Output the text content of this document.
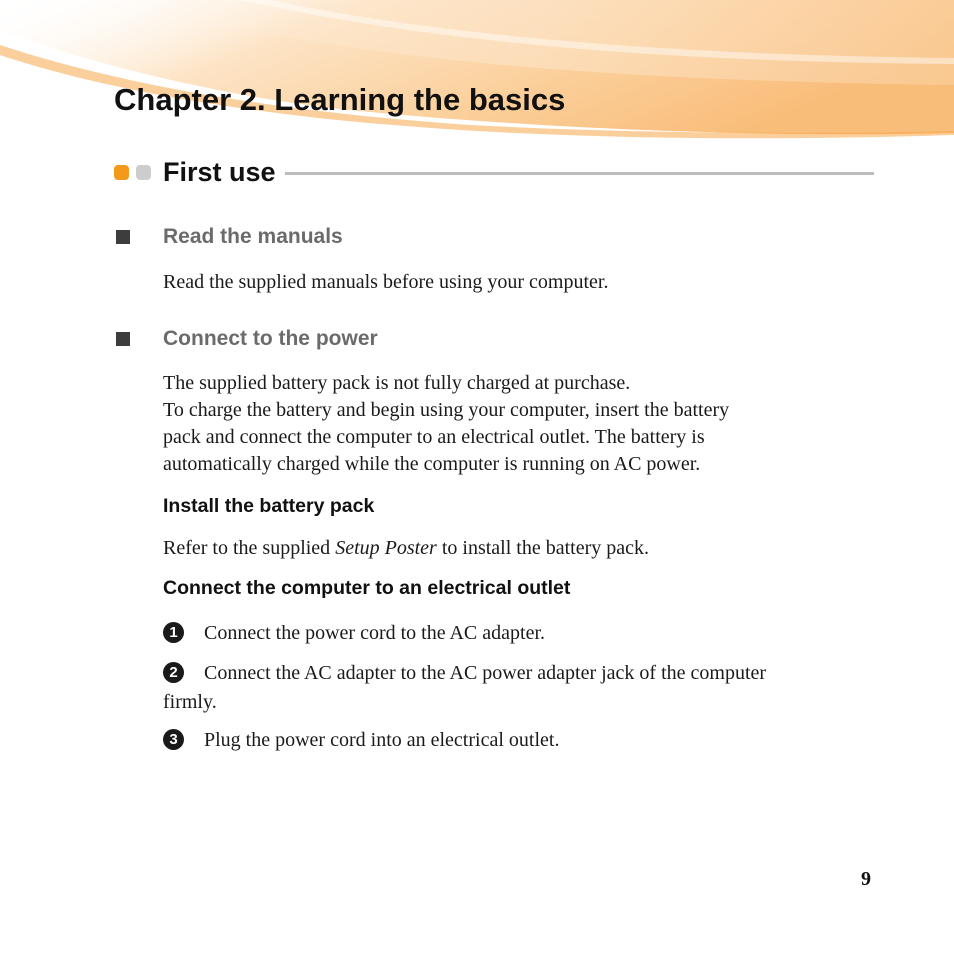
Chapter 2. Learning the basics
First use
Read the manuals

Read the supplied manuals before using your computer.

Connect to the power

The supplied battery pack is not fully charged at purchase.
To charge the battery and begin using your computer, insert the battery
pack and connect the computer to an electrical outlet. The battery is
automatically charged while the computer is running on AC power.

Install the battery pack

Refer to the supplied Setup Poster to install the battery pack.

Connect the computer to an electrical outlet
1	Connect the power cord to the AC adapter.

2	Connect the AC adapter to the AC power adapter jack of the computer
firmly.

3	Plug the power cord into an electrical outlet.

9
